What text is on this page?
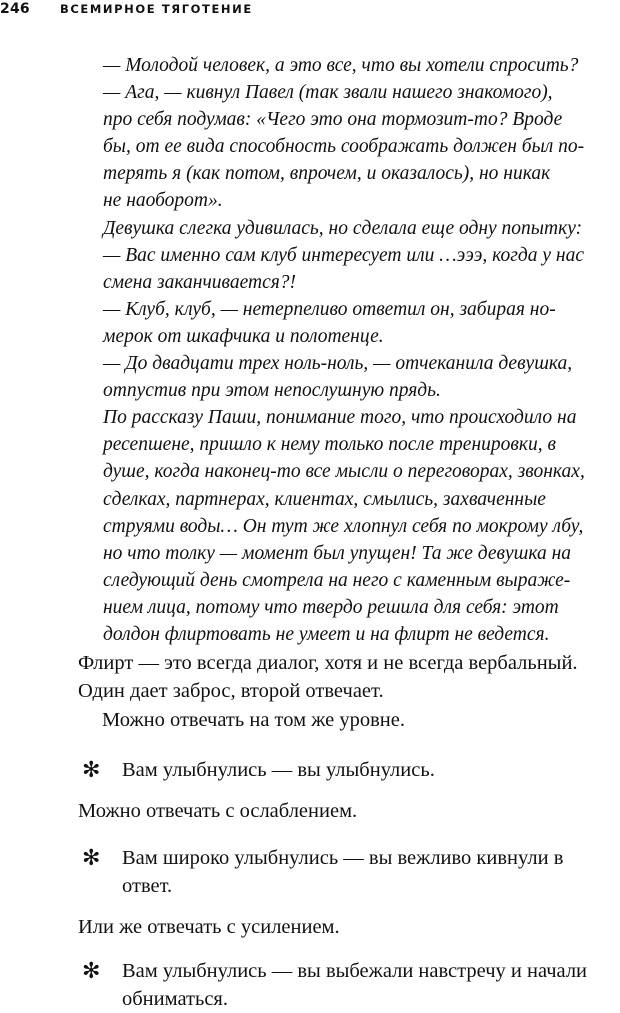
246	ВСЕМИРНОЕ ТЯГОТЕНИЕ
— Молодой человек, а это все, что вы хотели спросить?
— Ага, — кивнул Павел (так звали нашего знакомого),
про себя подумав: «Чего это она тормозит-то? Вроде
бы, от ее вида способность соображать должен был по-
терять я (как потом, впрочем, и оказалось), но никак
не наоборот».
Девушка слегка удивилась, но сделала еще одну попытку:
— Вас именно сам клуб интересует или …эээ, когда у нас
смена заканчивается?!
— Клуб, клуб, — нетерпеливо ответил он, забирая но-
мерок от шкафчика и полотенце.
— До двадцати трех ноль-ноль, — отчеканила девушка,
отпустив при этом непослушную прядь.
По рассказу Паши, понимание того, что происходило на
ресепшене, пришло к нему только после тренировки, в
душе, когда наконец-то все мысли о переговорах, звонках,
сделках, партнерах, клиентах, смылись, захваченные
струями воды… Он тут же хлопнул себя по мокрому лбу,
но что толку — момент был упущен! Та же девушка на
следующий день смотрела на него с каменным выраже-
нием лица, потому что твердо решила для себя: этот
долдон флиртовать не умеет и на флирт не ведется.
Флирт — это всегда диалог, хотя и не всегда вербальный.
Один дает заброс, второй отвечает.
Можно отвечать на том же уровне.
✻ Вам улыбнулись — вы улыбнулись.
Можно отвечать с ослаблением.
✻ Вам широко улыбнулись — вы вежливо кивнули в
ответ.
Или же отвечать с усилением.
✻ Вам улыбнулись — вы выбежали навстречу и начали
обниматься.
